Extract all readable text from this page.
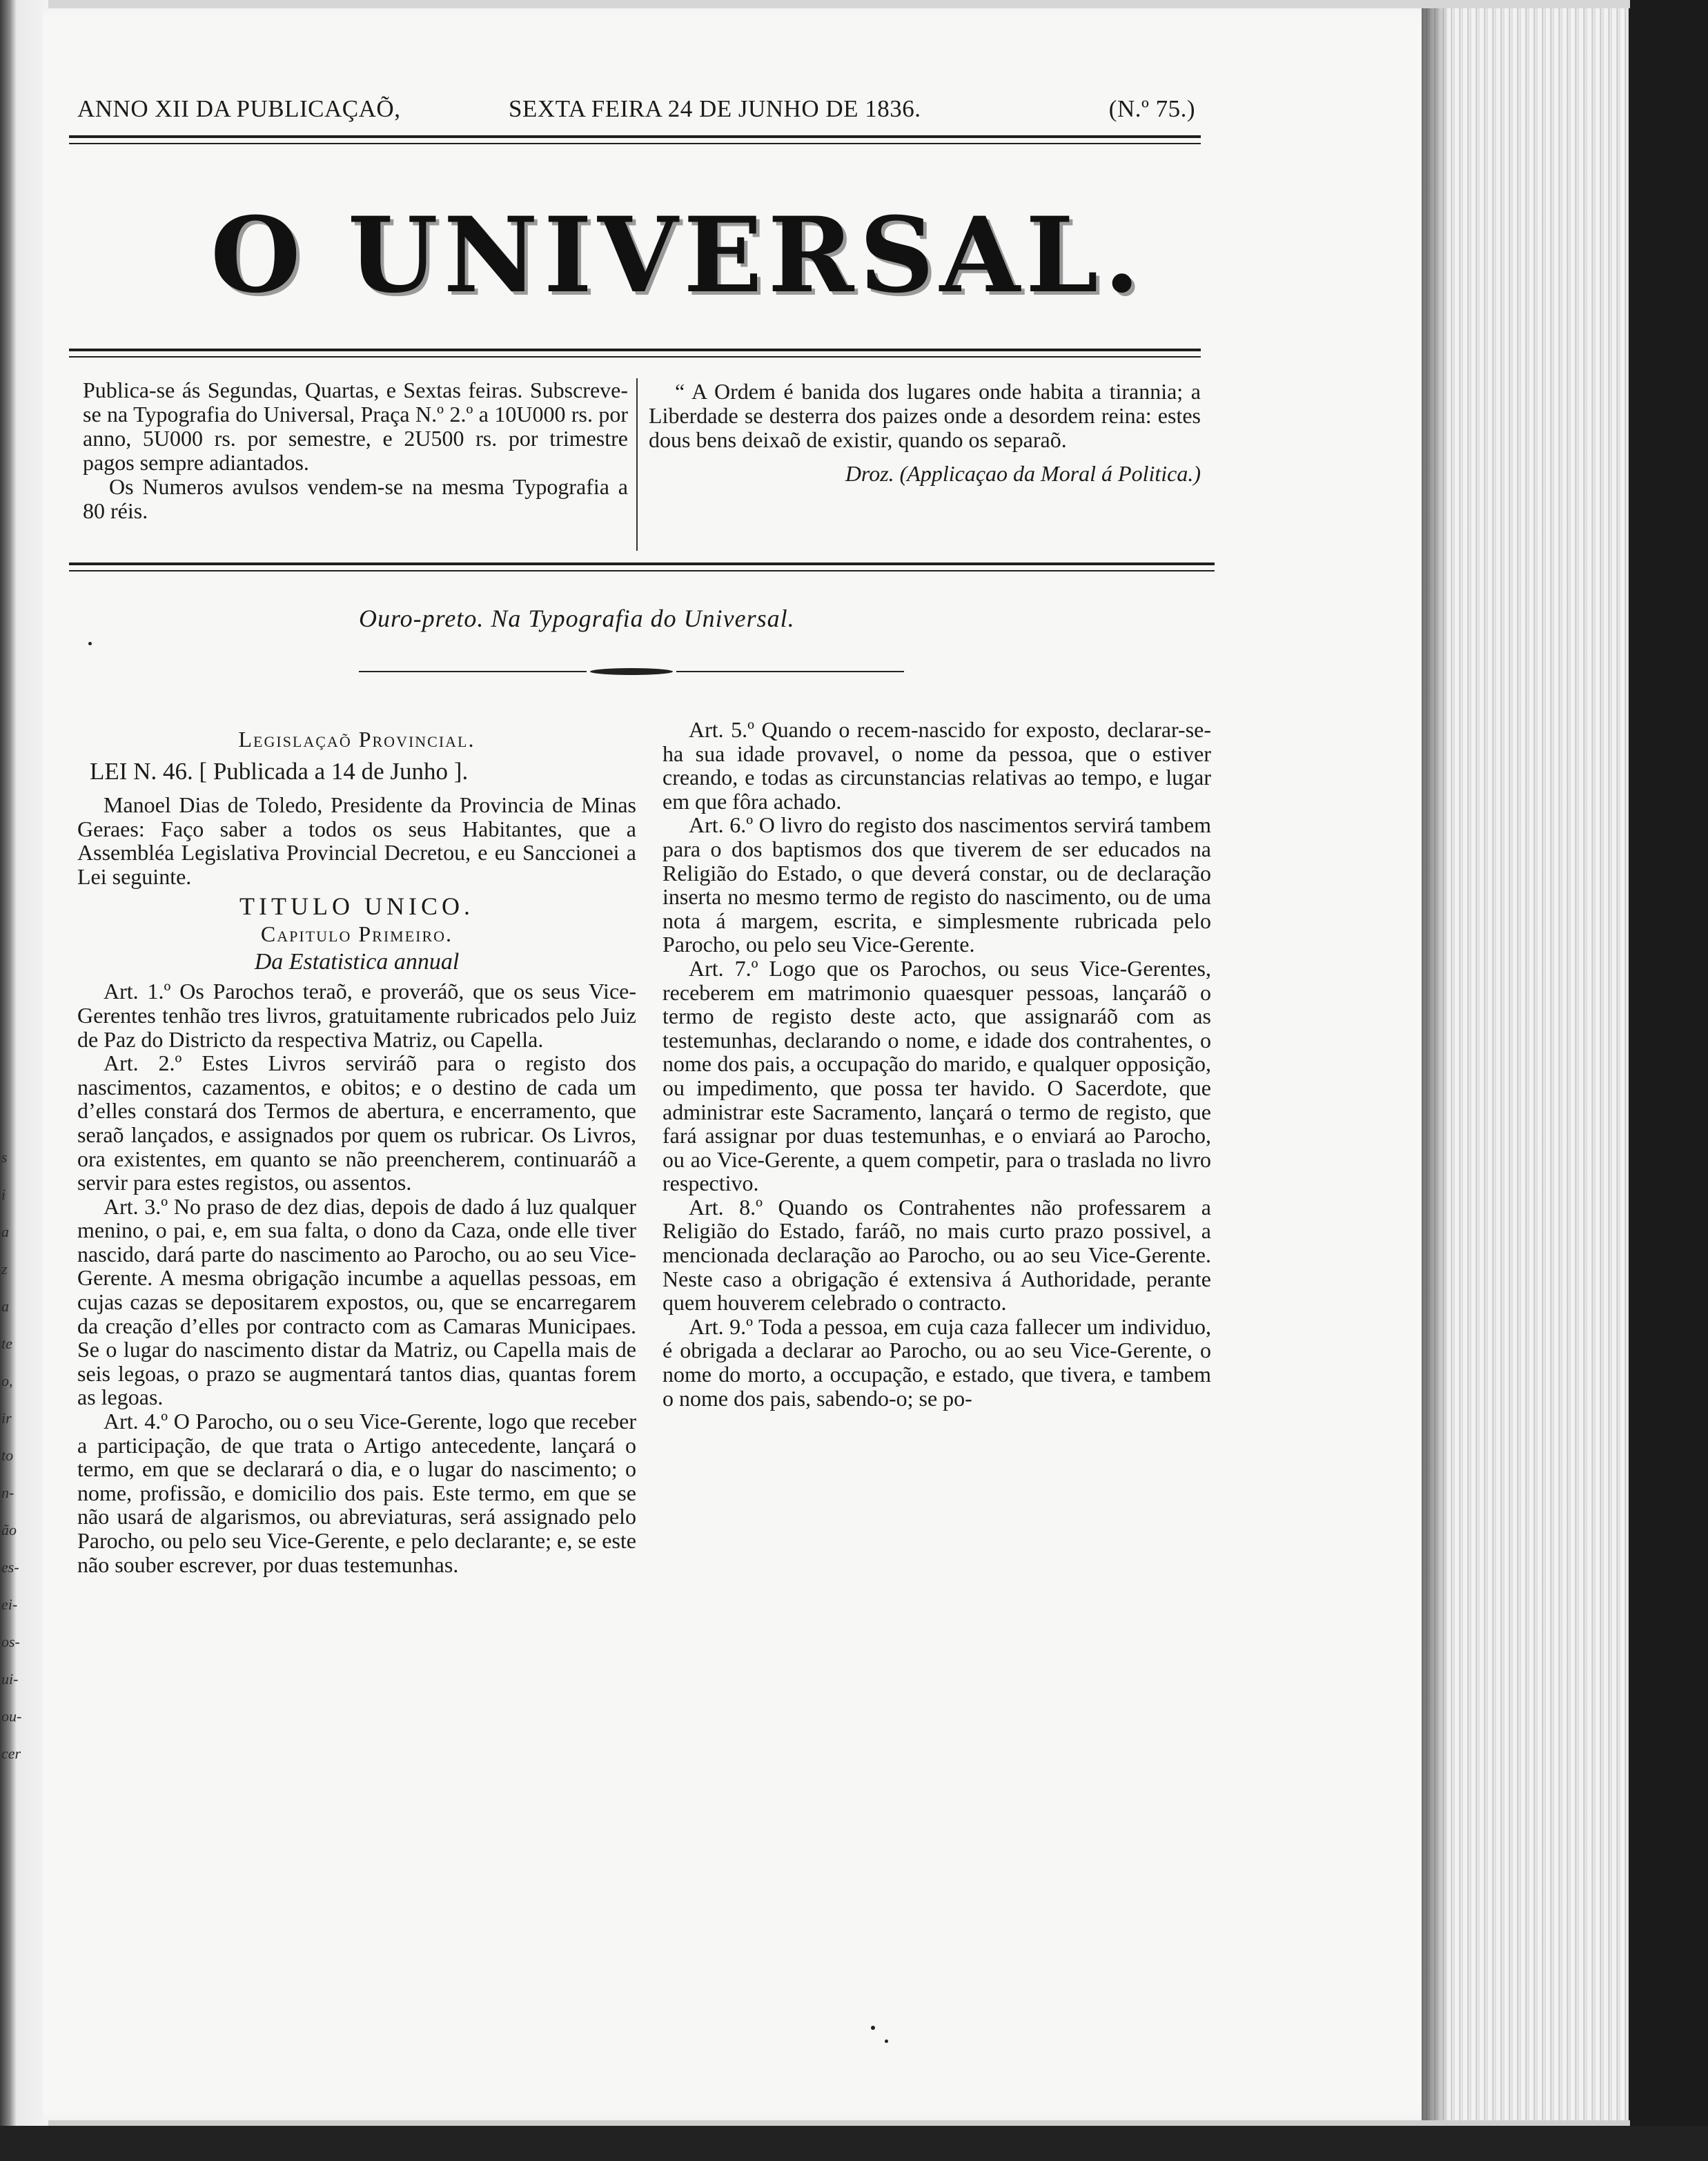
s
i
a
z
a
te
o,
ir
to
n-
ão
es-
ei-
os-
ui-
ou-
cer
ANNO XII DA PUBLICAÇAÕ,	SEXTA FEIRA 24 DE JUNHO DE 1836.	(N.º 75.)
O UNIVERSAL.

Publica-se ás Segundas, Quartas, e Sextas feiras. Subscreve-se na Typografia do Universal, Praça N.º 2.º a 10U000 rs. por anno, 5U000 rs. por semestre, e 2U500 rs. por trimestre pagos sempre adiantados.

Os Numeros avulsos vendem-se na mesma Typografia a 80 réis.

“ A Ordem é banida dos lugares onde habita a tirannia; a Liberdade se desterra dos paizes onde a desordem reina: estes dous bens deixaõ de existir, quando os separaõ.

Droz. (Applicaçao da Moral á Politica.)

Ouro-preto. Na Typografia do Universal.

Legislaçaõ Provincial.

LEI N. 46. [ Publicada a 14 de Junho ].

Manoel Dias de Toledo, Presidente da Provincia de Minas Geraes: Faço saber a todos os seus Habitantes, que a Assembléa Legislativa Provincial Decretou, e eu Sanccionei a Lei seguinte.

TITULO UNICO.

Capitulo Primeiro.

Da Estatistica annual

Art. 1.º Os Parochos teraõ, e proveráõ, que os seus Vice-Gerentes tenhão tres livros, gratuitamente rubricados pelo Juiz de Paz do Districto da respectiva Matriz, ou Capella.

Art. 2.º Estes Livros serviráõ para o registo dos nascimentos, cazamentos, e obitos; e o destino de cada um d’elles constará dos Termos de abertura, e encerramento, que seraõ lançados, e assignados por quem os rubricar. Os Livros, ora existentes, em quanto se não preencherem, continuaráõ a servir para estes registos, ou assentos.

Art. 3.º No praso de dez dias, depois de dado á luz qualquer menino, o pai, e, em sua falta, o dono da Caza, onde elle tiver nascido, dará parte do nascimento ao Parocho, ou ao seu Vice-Gerente. A mesma obrigação incumbe a aquellas pessoas, em cujas cazas se depositarem expostos, ou, que se encarregarem da creação d’elles por contracto com as Camaras Municipaes. Se o lugar do nascimento distar da Matriz, ou Capella mais de seis legoas, o prazo se augmentará tantos dias, quantas forem as legoas.

Art. 4.º O Parocho, ou o seu Vice-Gerente, logo que receber a participação, de que trata o Artigo antecedente, lançará o termo, em que se declarará o dia, e o lugar do nascimento; o nome, profissão, e domicilio dos pais. Este termo, em que se não usará de algarismos, ou abreviaturas, será assignado pelo Parocho, ou pelo seu Vice-Gerente, e pelo declarante; e, se este não souber escrever, por duas testemunhas.

Art. 5.º Quando o recem-nascido for exposto, declarar-se-ha sua idade provavel, o nome da pessoa, que o estiver creando, e todas as circunstancias relativas ao tempo, e lugar em que fôra achado.

Art. 6.º O livro do registo dos nascimentos servirá tambem para o dos baptismos dos que tiverem de ser educados na Religião do Estado, o que deverá constar, ou de declaração inserta no mesmo termo de registo do nascimento, ou de uma nota á margem, escrita, e simplesmente rubricada pelo Parocho, ou pelo seu Vice-Gerente.

Art. 7.º Logo que os Parochos, ou seus Vice-Gerentes, receberem em matrimonio quaesquer pessoas, lançaráõ o termo de registo deste acto, que assignaráõ com as testemunhas, declarando o nome, e idade dos contrahentes, o nome dos pais, a occupação do marido, e qualquer opposição, ou impedimento, que possa ter havido. O Sacerdote, que administrar este Sacramento, lançará o termo de registo, que fará assignar por duas testemunhas, e o enviará ao Parocho, ou ao Vice-Gerente, a quem competir, para o traslada no livro respectivo.

Art. 8.º Quando os Contrahentes não professarem a Religião do Estado, faráõ, no mais curto prazo possivel, a mencionada declaração ao Parocho, ou ao seu Vice-Gerente. Neste caso a obrigação é extensiva á Authoridade, perante quem houverem celebrado o contracto.

Art. 9.º Toda a pessoa, em cuja caza fallecer um individuo, é obrigada a declarar ao Parocho, ou ao seu Vice-Gerente, o nome do morto, a occupação, e estado, que tivera, e tambem o nome dos pais, sabendo-o; se po-
